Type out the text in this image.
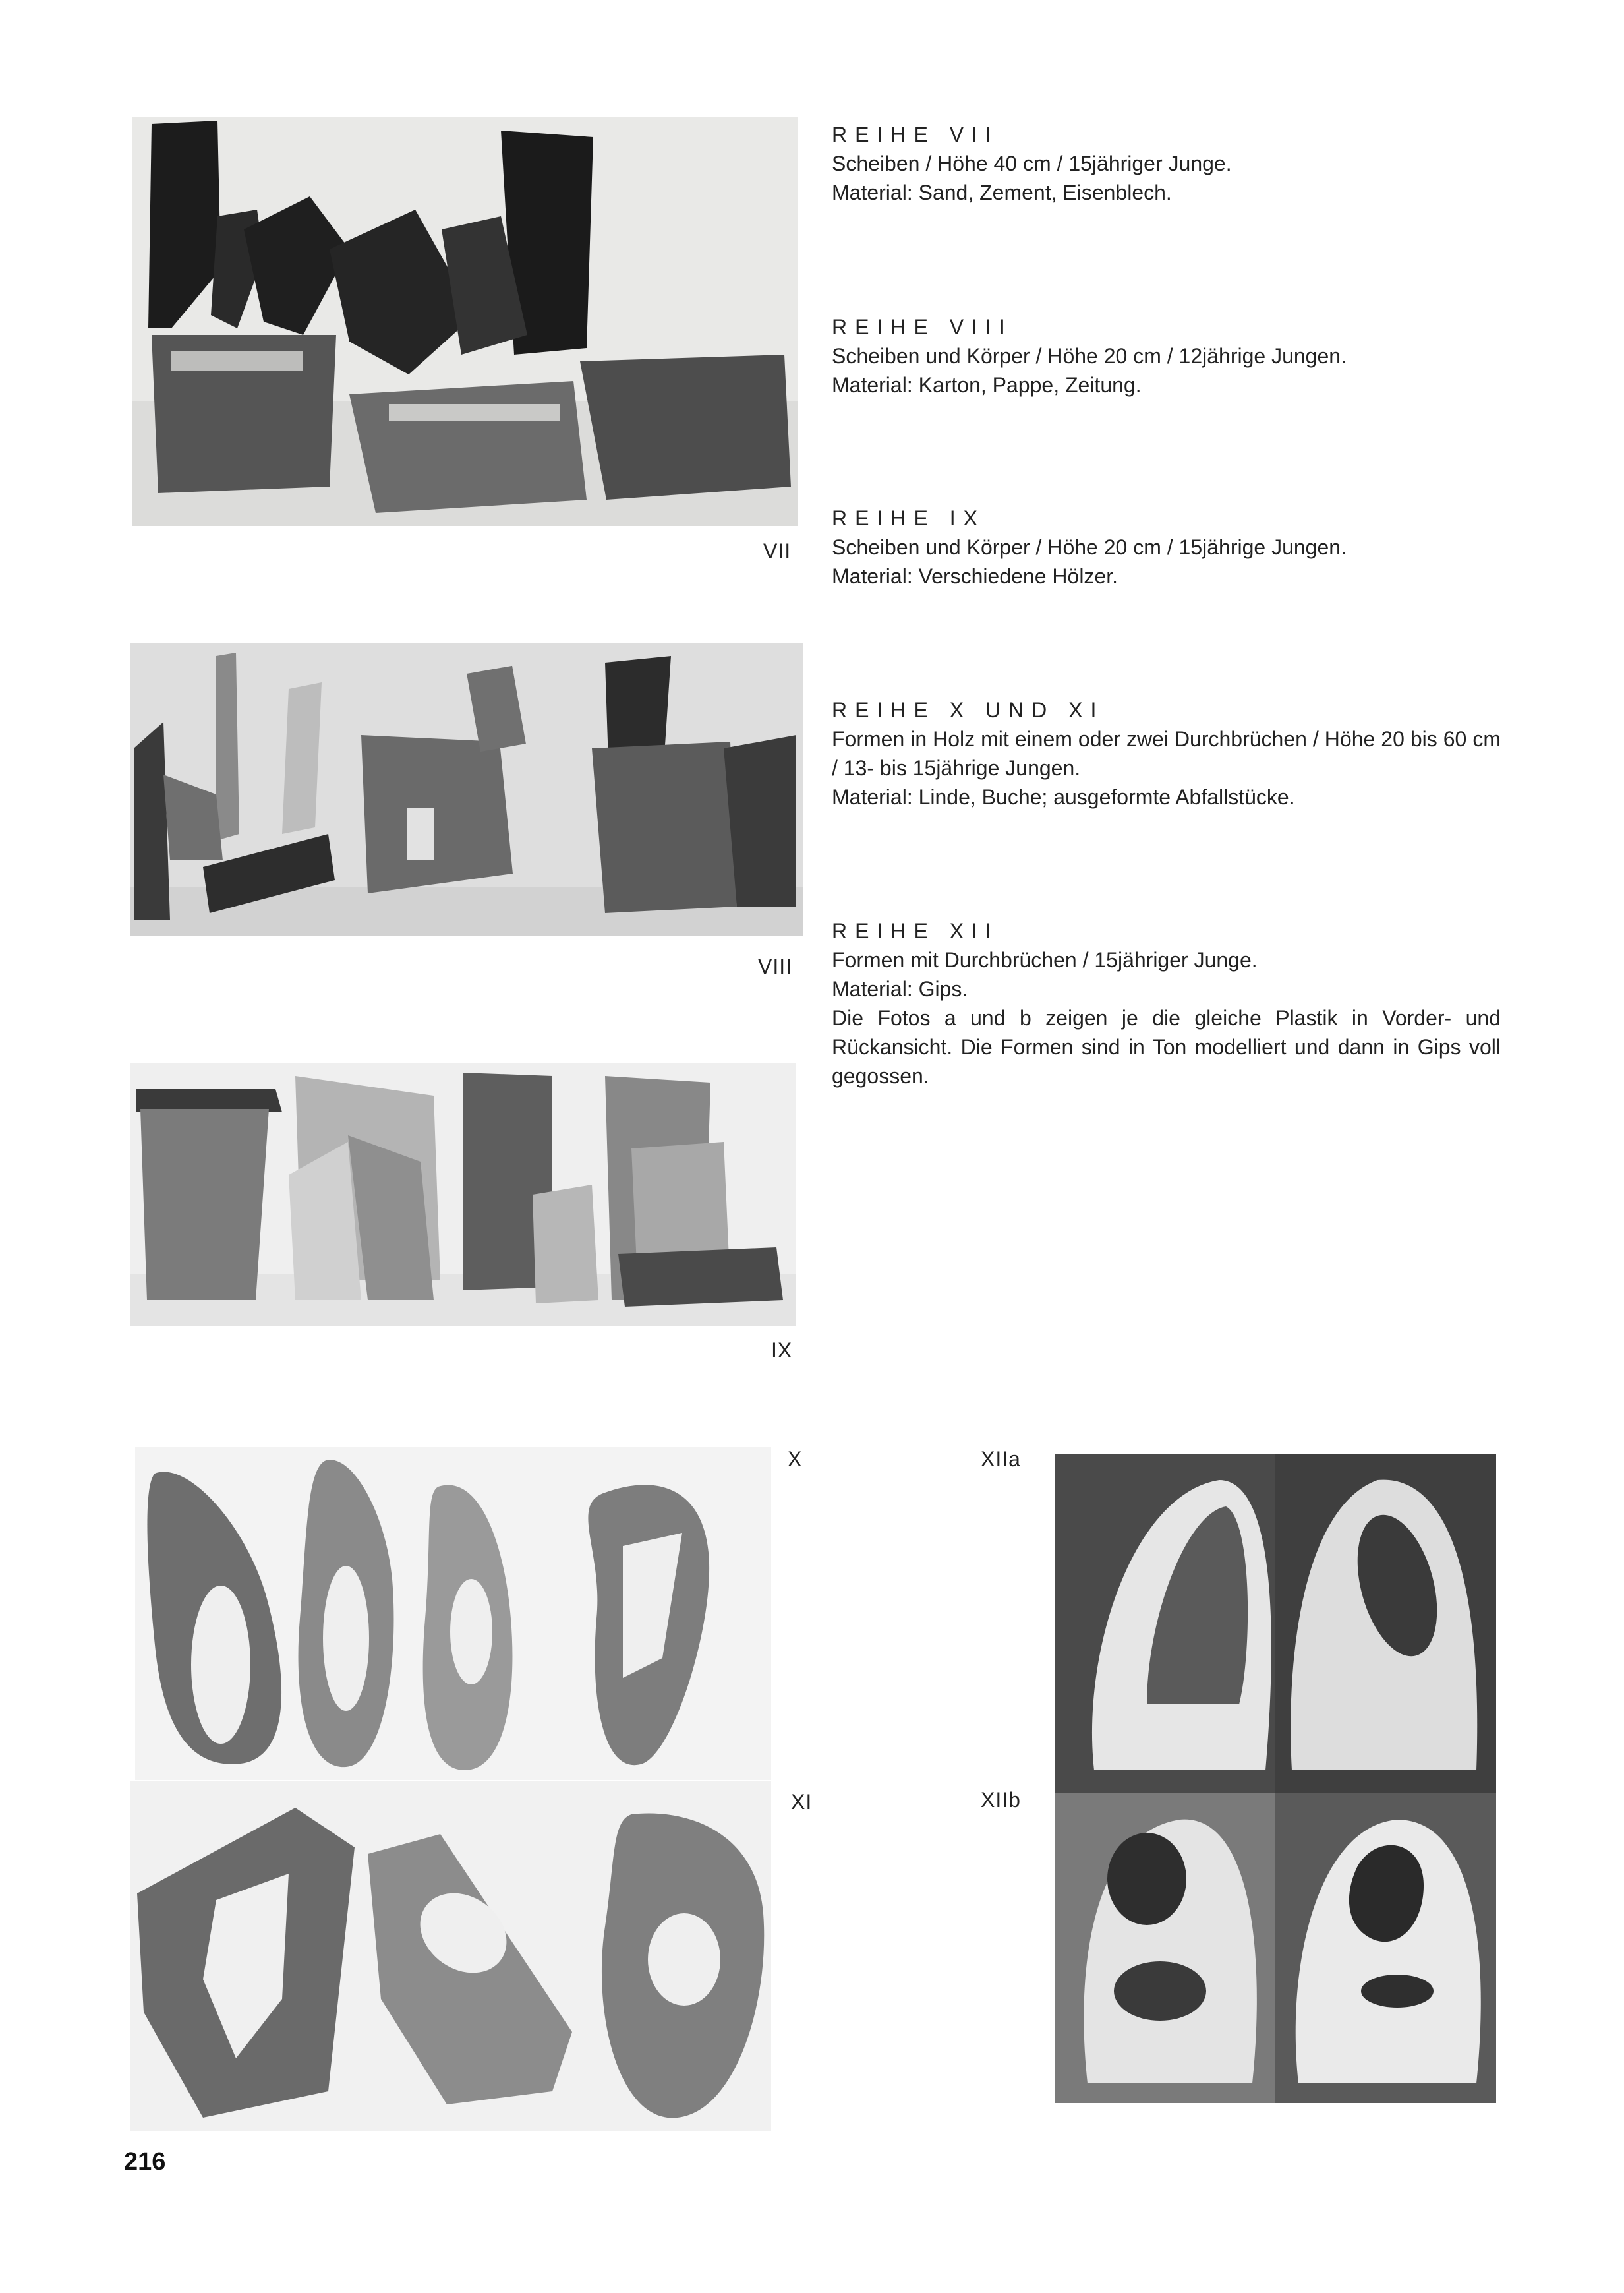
VII
VIII
IX
X
XI
XIIa
XIIb

REIHE VII

Scheiben / Höhe 40 cm / 15jähriger Junge.

Material: Sand, Zement, Eisenblech.

REIHE VIII

Scheiben und Körper / Höhe 20 cm / 12jährige Jungen.

Material: Karton, Pappe, Zeitung.

REIHE IX

Scheiben und Körper / Höhe 20 cm / 15jährige Jungen.

Material: Verschiedene Hölzer.

REIHE X UND XI

Formen in Holz mit einem oder zwei Durchbrüchen / Höhe 20 bis 60 cm / 13- bis 15jährige Jungen.

Material: Linde, Buche; ausgeformte Abfallstücke.

REIHE XII

Formen mit Durchbrüchen / 15jähriger Junge.

Material: Gips.

Die Fotos a und b zeigen je die gleiche Plastik in Vorder- und Rückansicht. Die Formen sind in Ton modelliert und dann in Gips voll gegossen.

216
